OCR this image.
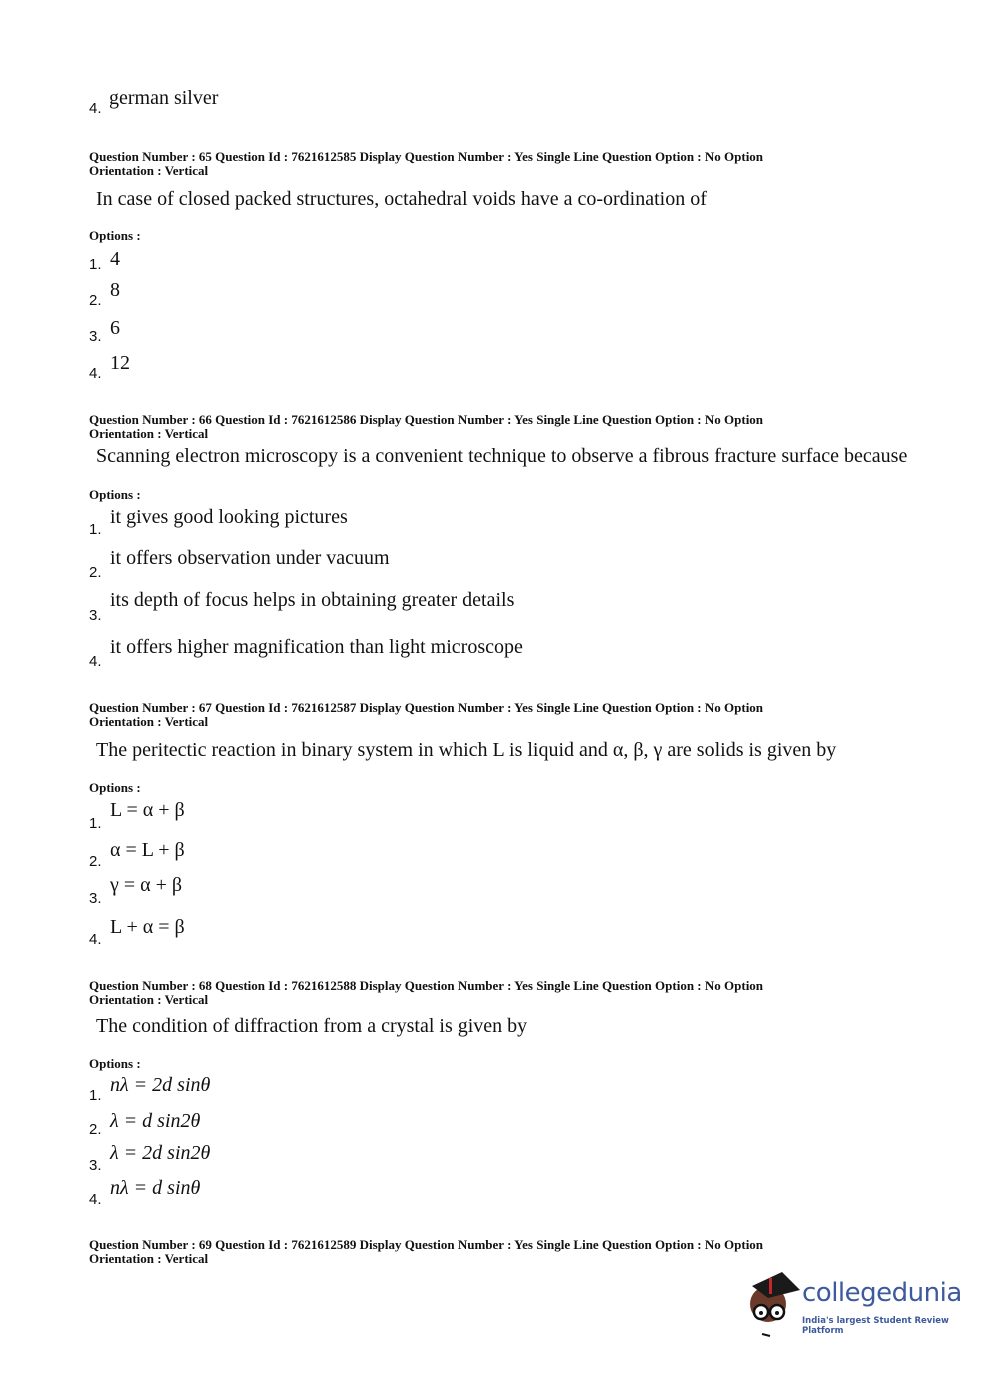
4. german silver
Question Number : 65 Question Id : 7621612585 Display Question Number : Yes Single Line Question Option : No Option
Orientation : Vertical
In case of closed packed structures, octahedral voids have a co-ordination of
Options :
1. 4
2. 8
3. 6
4. 12
Question Number : 66 Question Id : 7621612586 Display Question Number : Yes Single Line Question Option : No Option
Orientation : Vertical
Scanning electron microscopy is a convenient technique to observe a fibrous fracture surface because
Options :
1.
it gives good looking pictures
2.
it offers observation under vacuum
3.
its depth of focus helps in obtaining greater details
4.
it offers higher magnification than light microscope
Question Number : 67 Question Id : 7621612587 Display Question Number : Yes Single Line Question Option : No Option
Orientation : Vertical
The peritectic reaction in binary system in which L is liquid and α, β, γ are solids is given by
Options :
1.
L = α + β
2.
α = L + β
3.
γ = α + β
4.
L + α = β
Question Number : 68 Question Id : 7621612588 Display Question Number : Yes Single Line Question Option : No Option
Orientation : Vertical
The condition of diffraction from a crystal is given by
Options :
1. nλ = 2d sinθ
2. λ = d sin2θ
3.
λ = 2d sin2θ
4.
nλ = d sinθ
Question Number : 69 Question Id : 7621612589 Display Question Number : Yes Single Line Question Option : No Option
Orientation : Vertical
collegedunia
India's largest Student Review Platform
